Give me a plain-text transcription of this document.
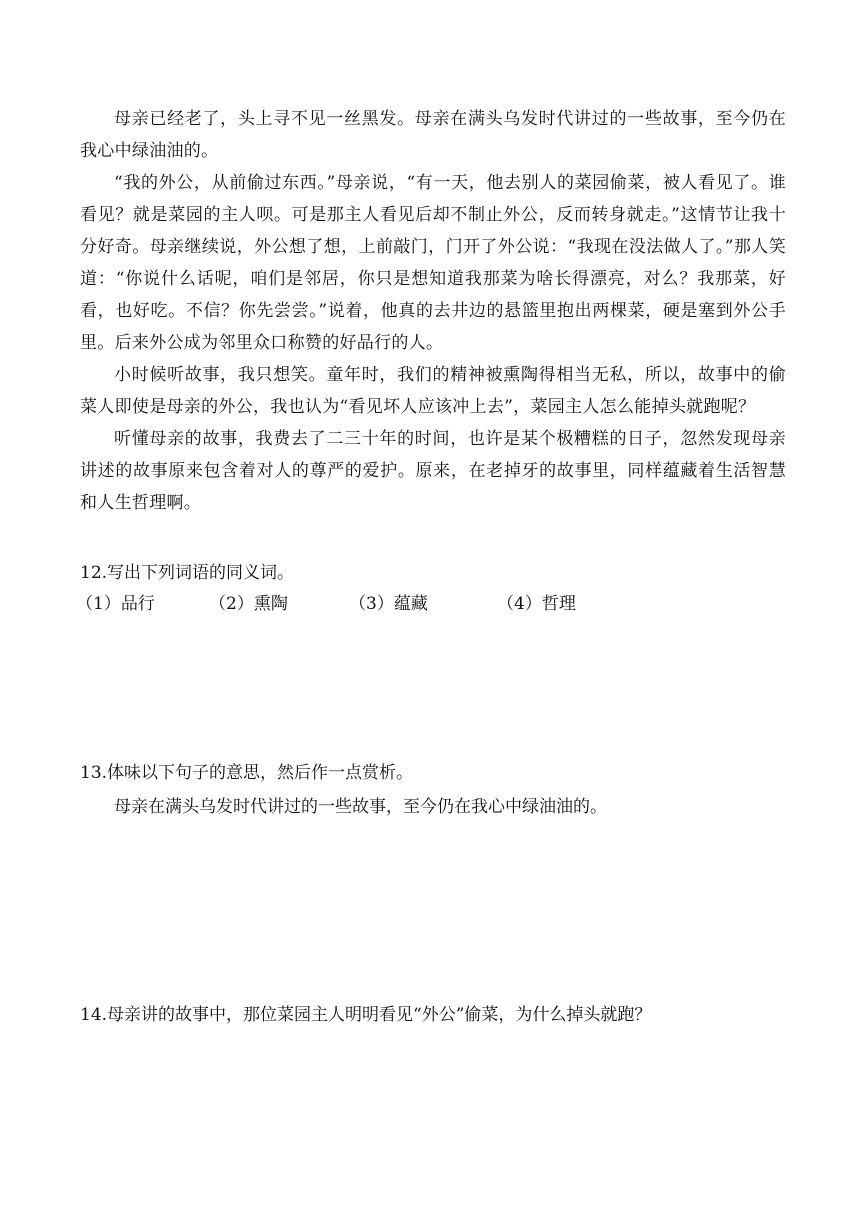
母亲已经老了，头上寻不见一丝黑发。母亲在满头乌发时代讲过的一些故事，至今仍在我心中绿油油的。

“我的外公，从前偷过东西。”母亲说，“有一天，他去别人的菜园偷菜，被人看见了。谁看见？就是菜园的主人呗。可是那主人看见后却不制止外公，反而转身就走。”这情节让我十分好奇。母亲继续说，外公想了想，上前敲门，门开了外公说：“我现在没法做人了。”那人笑道：“你说什么话呢，咱们是邻居，你只是想知道我那菜为啥长得漂亮，对么？我那菜，好看，也好吃。不信？你先尝尝。”说着，他真的去井边的悬篮里抱出两棵菜，硬是塞到外公手里。后来外公成为邻里众口称赞的好品行的人。

小时候听故事，我只想笑。童年时，我们的精神被熏陶得相当无私，所以，故事中的偷菜人即使是母亲的外公，我也认为“看见坏人应该冲上去”，菜园主人怎么能掉头就跑呢？

听懂母亲的故事，我费去了二三十年的时间，也许是某个极糟糕的日子，忽然发现母亲讲述的故事原来包含着对人的尊严的爱护。原来，在老掉牙的故事里，同样蕴藏着生活智慧和人生哲理啊。

12.写出下列词语的同义词。

（1）品行	（2）熏陶	（3）蕴藏	（4）哲理

13.体味以下句子的意思，然后作一点赏析。

母亲在满头乌发时代讲过的一些故事，至今仍在我心中绿油油的。

14.母亲讲的故事中，那位菜园主人明明看见“外公”偷菜，为什么掉头就跑？
